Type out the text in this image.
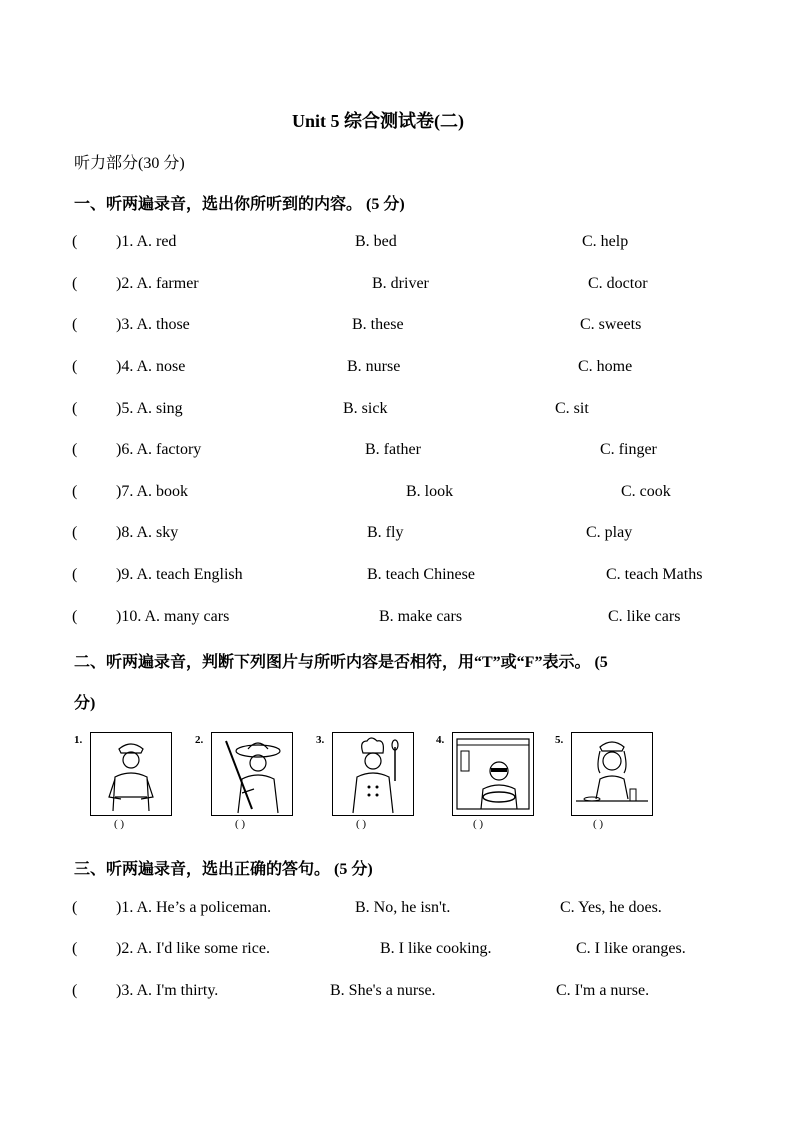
Unit 5 综合测试卷(二)
听力部分(30 分)
一、听两遍录音，选出你所听到的内容。 (5 分)
( )1. A. red	B. bed	C. help
( )2. A. farmer	B. driver	C. doctor
( )3. A. those	B. these	C. sweets
( )4. A. nose	B. nurse	C. home
( )5. A. sing	B. sick	C. sit
( )6. A. factory	B. father	C. finger
( )7. A. book	B. look	C. cook
( )8. A. sky	B. fly	C. play
( )9. A. teach English	B. teach Chinese	C. teach Maths
( )10. A. many cars	B. make cars	C. like cars
二、听两遍录音，判断下列图片与所听内容是否相符，用“T”或“F”表示。 (5
分)
1.
( )
2.
( )
3.
( )
4.
( )
5.
( )
三、听两遍录音，选出正确的答句。 (5 分)
( )1. A. He’s a policeman.	B. No, he isn't.	C. Yes, he does.
( )2. A. I'd like some rice.	B. I like cooking.	C. I like oranges.
( )3. A. I'm thirty.	B. She's a nurse.	C. I'm a nurse.
